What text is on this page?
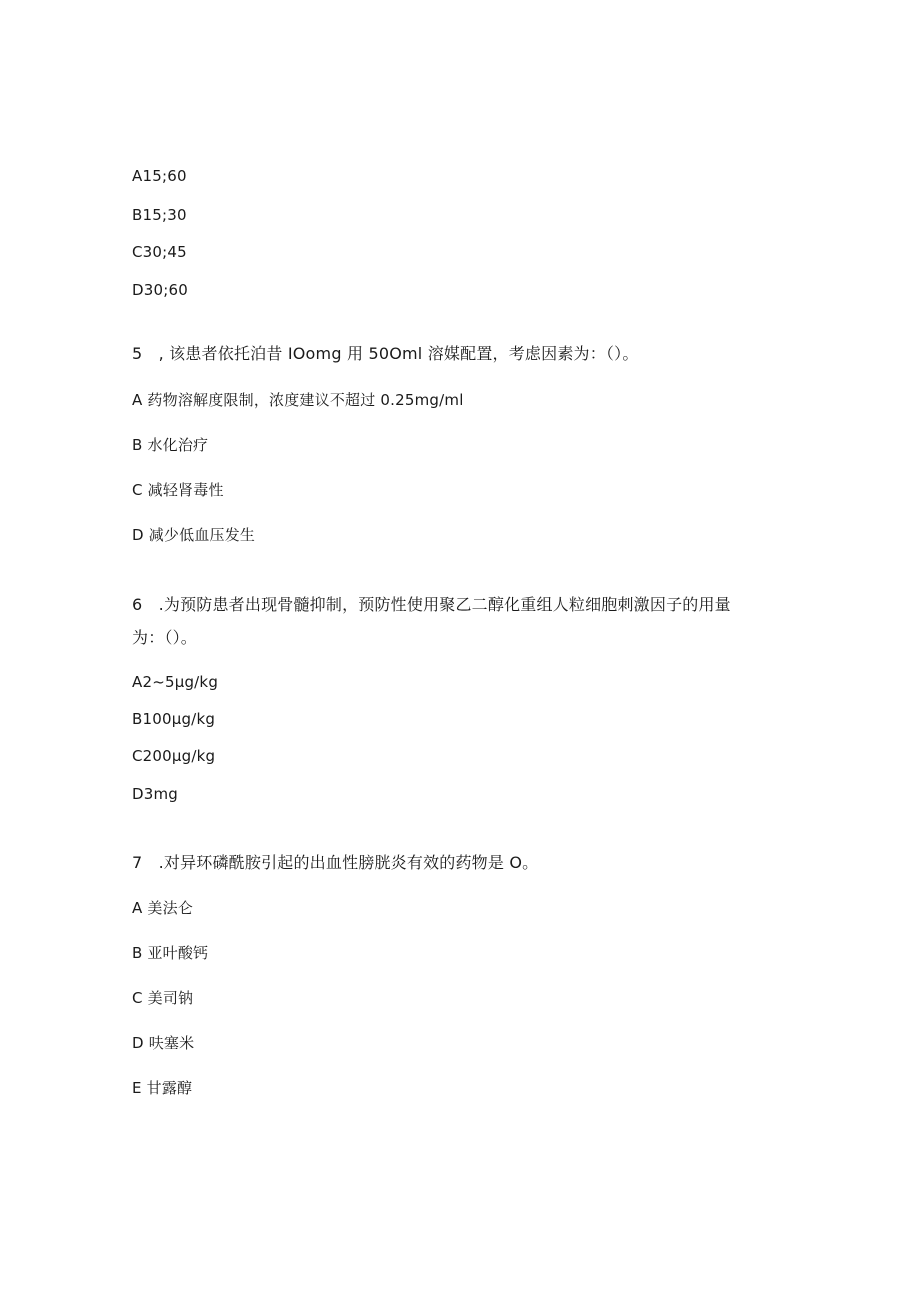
A15;60
B15;30
C30;45
D30;60
5　, 该患者依托泊昔 IOomg 用 50Oml 溶媒配置，考虑因素为：（）。
A 药物溶解度限制，浓度建议不超过 0.25mg∕ml
B 水化治疗
C 减轻肾毒性
D 减少低血压发生
6　.为预防患者出现骨髓抑制，预防性使用聚乙二醇化重组人粒细胞刺激因子的用量
为：（）。
A2~5μg∕kg
B100μg∕kg
C200μg∕kg
D3mg
7　.对异环磷酰胺引起的出血性膀胱炎有效的药物是 O。
A 美法仑
B 亚叶酸钙
C 美司钠
D 呋塞米
E 甘露醇
